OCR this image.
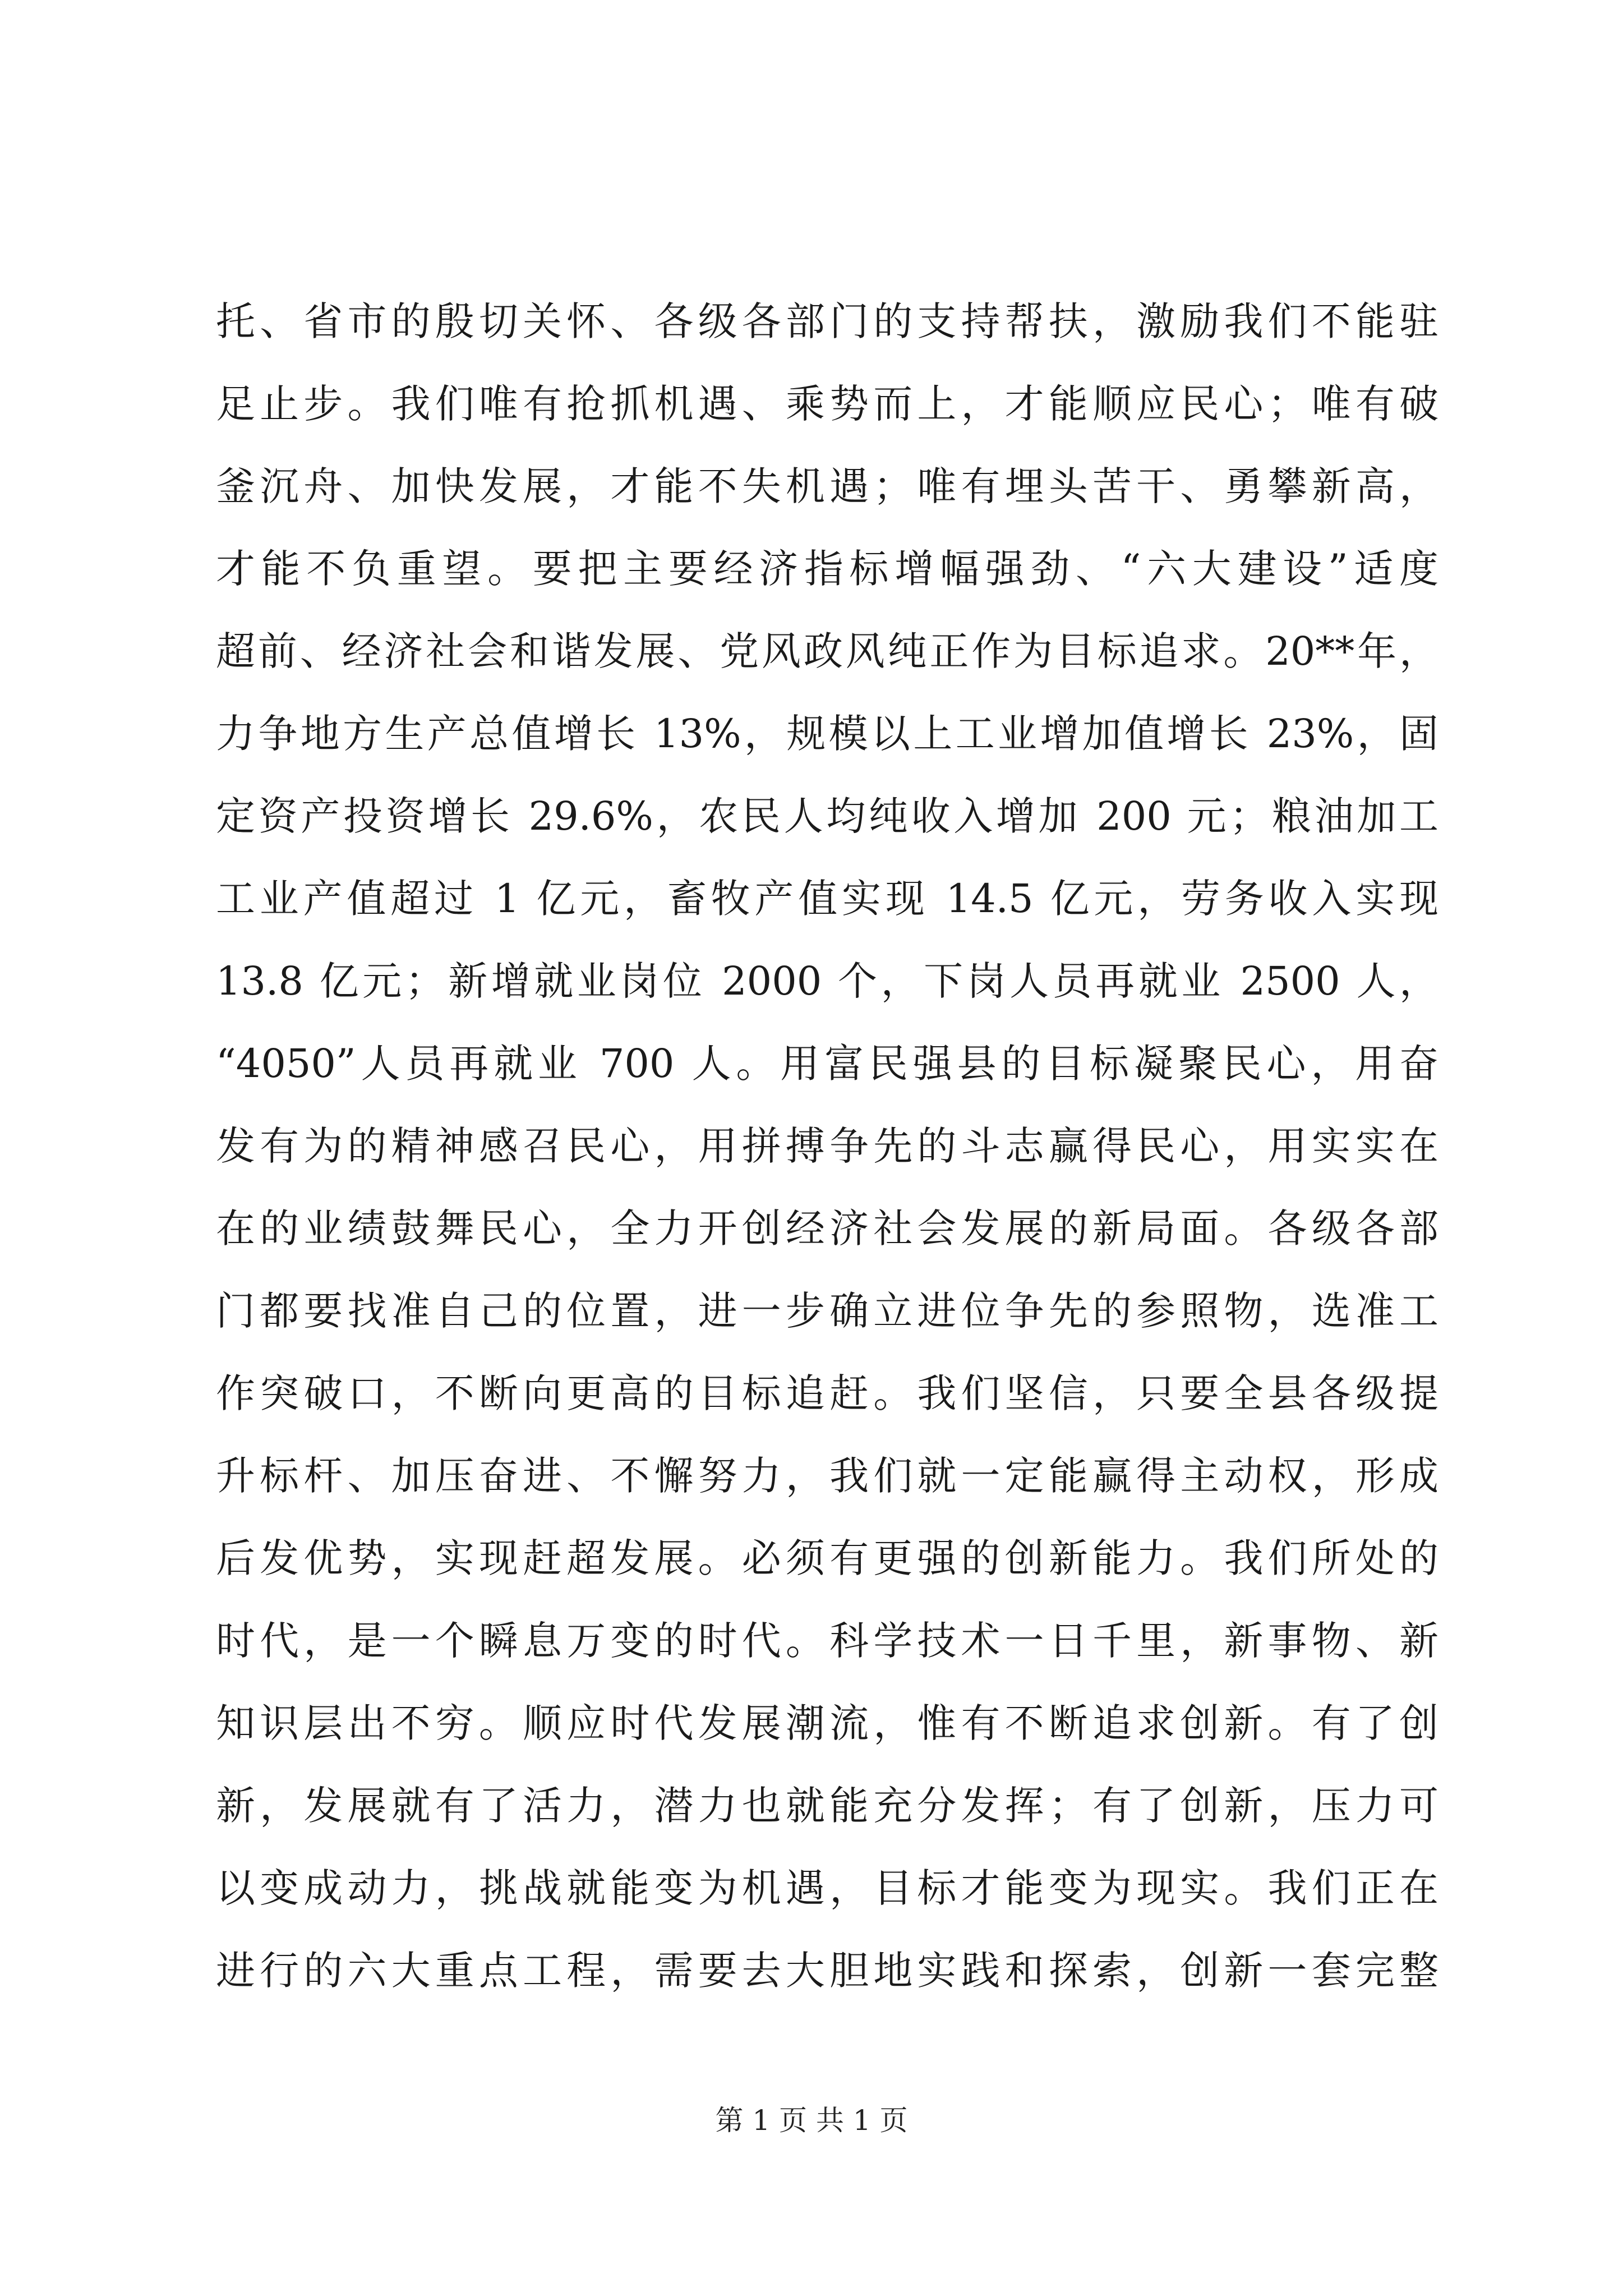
托、省市的殷切关怀、各级各部门的支持帮扶，激励我们不能驻
足止步。我们唯有抢抓机遇、乘势而上，才能顺应民心；唯有破
釜沉舟、加快发展，才能不失机遇；唯有埋头苦干、勇攀新高，
才能不负重望。要把主要经济指标增幅强劲、“六大建设”适度
超前、经济社会和谐发展、党风政风纯正作为目标追求。20**年，
力争地方生产总值增长 13%，规模以上工业增加值增长 23%，固
定资产投资增长 29.6%，农民人均纯收入增加 200 元；粮油加工
工业产值超过 1 亿元，畜牧产值实现 14.5 亿元，劳务收入实现
13.8 亿元；新增就业岗位 2000 个，下岗人员再就业 2500 人，
“4050”人员再就业 700 人。用富民强县的目标凝聚民心，用奋
发有为的精神感召民心，用拼搏争先的斗志赢得民心，用实实在
在的业绩鼓舞民心，全力开创经济社会发展的新局面。各级各部
门都要找准自己的位置，进一步确立进位争先的参照物，选准工
作突破口，不断向更高的目标追赶。我们坚信，只要全县各级提
升标杆、加压奋进、不懈努力，我们就一定能赢得主动权，形成
后发优势，实现赶超发展。必须有更强的创新能力。我们所处的
时代，是一个瞬息万变的时代。科学技术一日千里，新事物、新
知识层出不穷。顺应时代发展潮流，惟有不断追求创新。有了创
新，发展就有了活力，潜力也就能充分发挥；有了创新，压力可
以变成动力，挑战就能变为机遇，目标才能变为现实。我们正在
进行的六大重点工程，需要去大胆地实践和探索，创新一套完整
第 1 页 共 1 页
